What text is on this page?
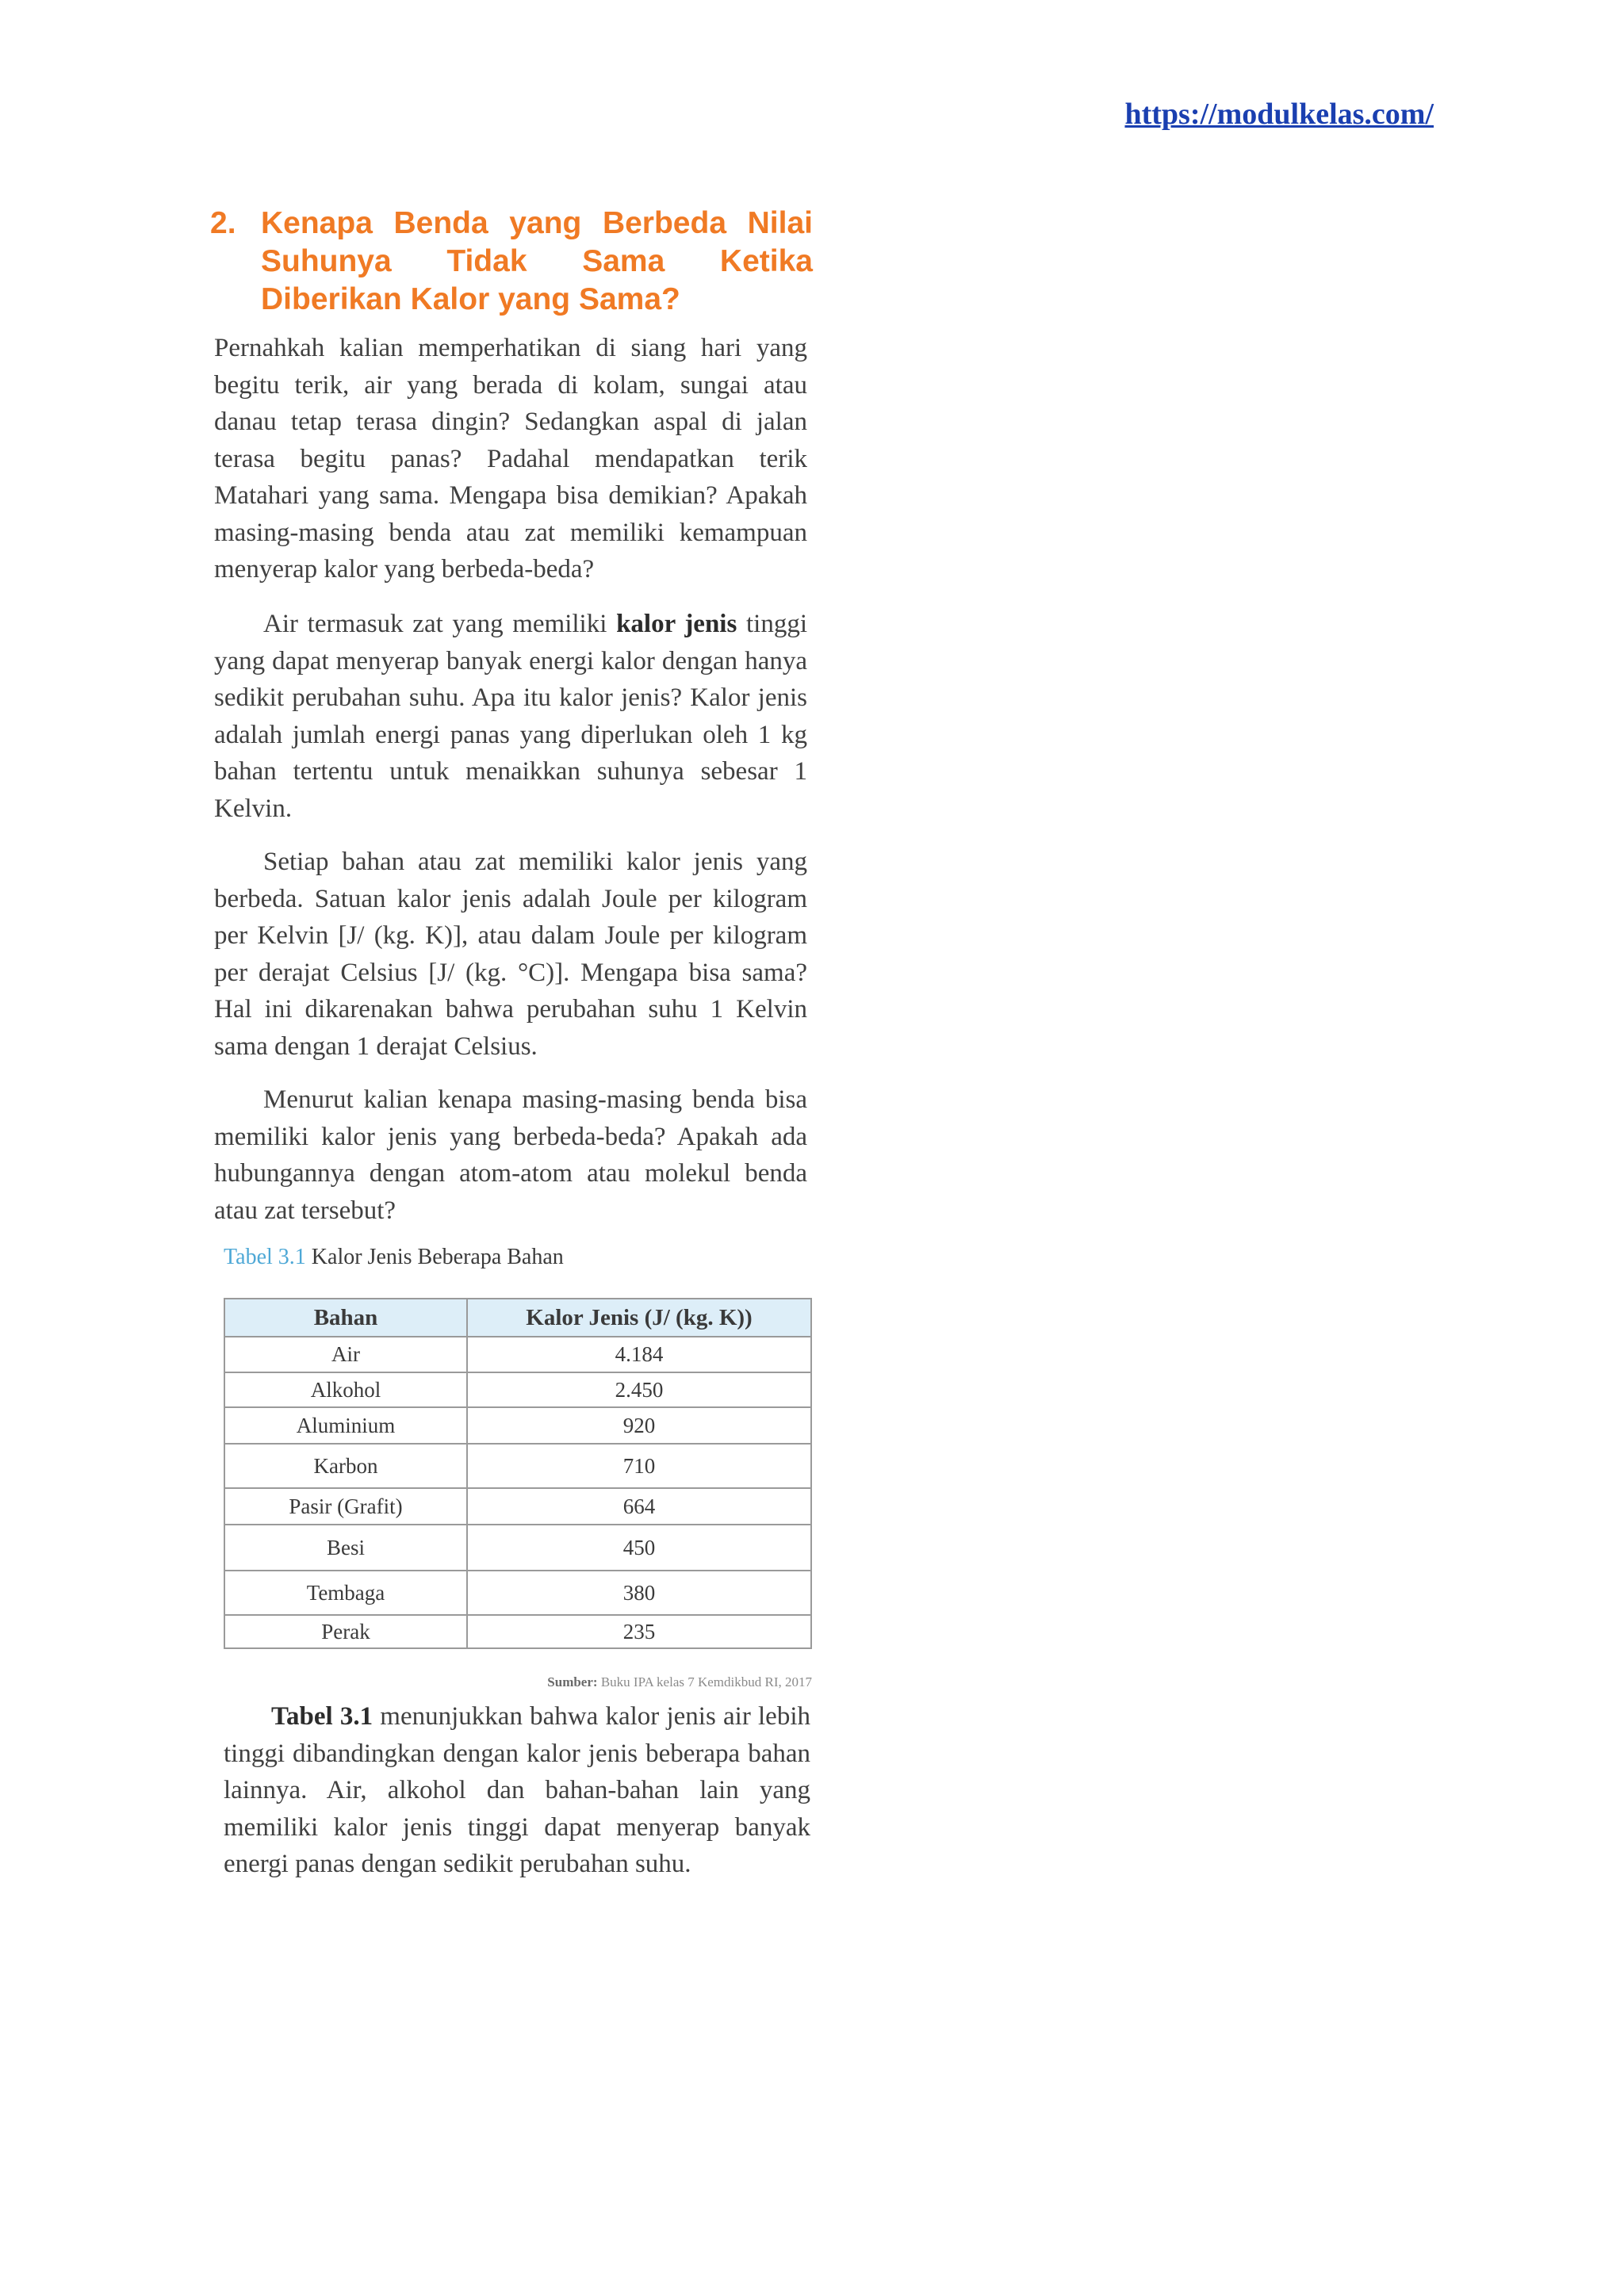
https://modulkelas.com/
2. Kenapa Benda yang Berbeda Nilai Suhunya Tidak Sama Ketika Diberikan Kalor yang Sama?

Pernahkah kalian memperhatikan di siang hari yang begitu terik, air yang berada di kolam, sungai atau danau tetap terasa dingin? Sedangkan aspal di jalan terasa begitu panas? Padahal mendapatkan terik Matahari yang sama. Mengapa bisa demikian? Apakah masing-masing benda atau zat memiliki kemampuan menyerap kalor yang berbeda-beda?

Air termasuk zat yang memiliki kalor jenis tinggi yang dapat menyerap banyak energi kalor dengan hanya sedikit perubahan suhu. Apa itu kalor jenis? Kalor jenis adalah jumlah energi panas yang diperlukan oleh 1 kg bahan tertentu untuk menaikkan suhunya sebesar 1 Kelvin.

Setiap bahan atau zat memiliki kalor jenis yang berbeda. Satuan kalor jenis adalah Joule per kilogram per Kelvin [J/ (kg. K)], atau dalam Joule per kilogram per derajat Celsius [J/ (kg. °C)]. Mengapa bisa sama? Hal ini dikarenakan bahwa perubahan suhu 1 Kelvin sama dengan 1 derajat Celsius.

Menurut kalian kenapa masing-masing benda bisa memiliki kalor jenis yang berbeda-beda? Apakah ada hubungannya dengan atom-atom atau molekul benda atau zat tersebut?

Tabel 3.1 Kalor Jenis Beberapa Bahan
Bahan	Kalor Jenis (J/ (kg. K))
Air	4.184
Alkohol	2.450
Aluminium	920
Karbon	710
Pasir (Grafit)	664
Besi	450
Tembaga	380
Perak	235
Sumber: Buku IPA kelas 7 Kemdikbud RI, 2017

Tabel 3.1 menunjukkan bahwa kalor jenis air lebih tinggi dibandingkan dengan kalor jenis beberapa bahan lainnya. Air, alkohol dan bahan-bahan lain yang memiliki kalor jenis tinggi dapat menyerap banyak energi panas dengan sedikit perubahan suhu.
